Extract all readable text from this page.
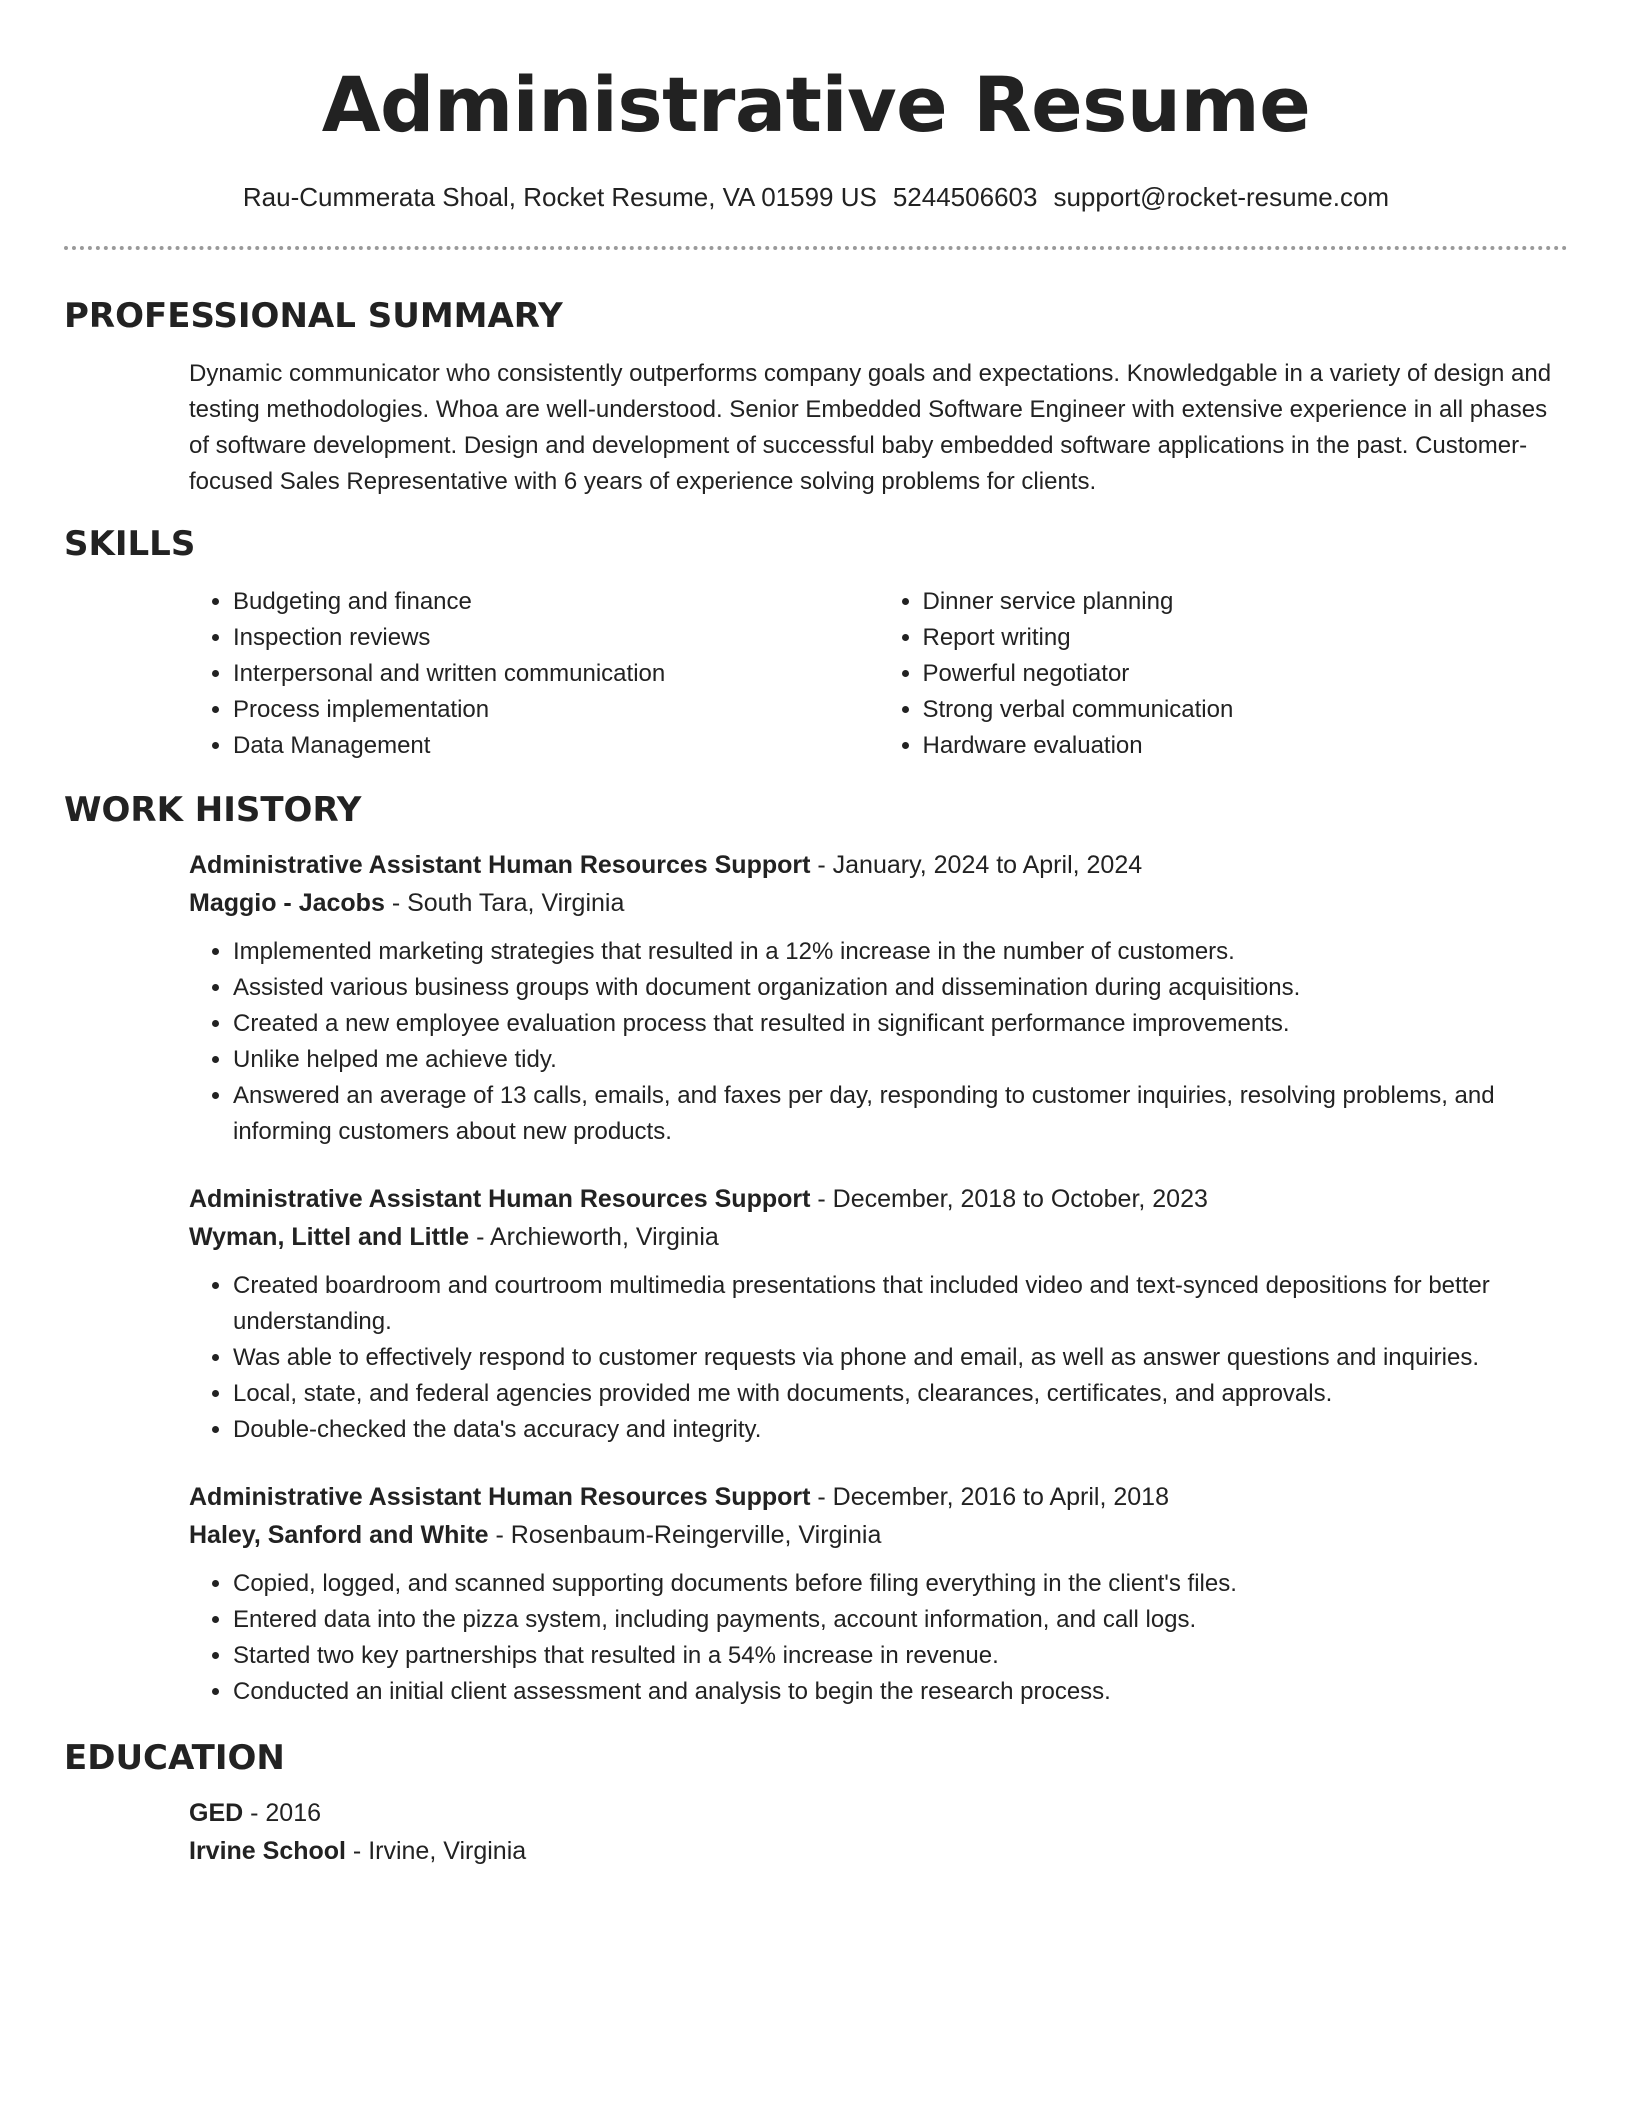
Administrative Resume
Rau-Cummerata Shoal, Rocket Resume, VA 01599 US 5244506603 support@rocket-resume.com
PROFESSIONAL SUMMARY

Dynamic communicator who consistently outperforms company goals and expectations. Knowledgable in a variety of design and testing methodologies. Whoa are well-understood. Senior Embedded Software Engineer with extensive experience in all phases of software development. Design and development of successful baby embedded software applications in the past. Customer-focused Sales Representative with 6 years of experience solving problems for clients.

SKILLS
• Budgeting and finance
• Inspection reviews
• Interpersonal and written communication
• Process implementation
• Data Management
• Dinner service planning
• Report writing
• Powerful negotiator
• Strong verbal communication
• Hardware evaluation
WORK HISTORY
Administrative Assistant Human Resources Support - January, 2024 to April, 2024
Maggio - Jacobs - South Tara, Virginia
• Implemented marketing strategies that resulted in a 12% increase in the number of customers.
• Assisted various business groups with document organization and dissemination during acquisitions.
• Created a new employee evaluation process that resulted in significant performance improvements.
• Unlike helped me achieve tidy.
• Answered an average of 13 calls, emails, and faxes per day, responding to customer inquiries, resolving problems, and informing customers about new products.
Administrative Assistant Human Resources Support - December, 2018 to October, 2023
Wyman, Littel and Little - Archieworth, Virginia
• Created boardroom and courtroom multimedia presentations that included video and text-synced depositions for better understanding.
• Was able to effectively respond to customer requests via phone and email, as well as answer questions and inquiries.
• Local, state, and federal agencies provided me with documents, clearances, certificates, and approvals.
• Double-checked the data's accuracy and integrity.
Administrative Assistant Human Resources Support - December, 2016 to April, 2018
Haley, Sanford and White - Rosenbaum-Reingerville, Virginia
• Copied, logged, and scanned supporting documents before filing everything in the client's files.
• Entered data into the pizza system, including payments, account information, and call logs.
• Started two key partnerships that resulted in a 54% increase in revenue.
• Conducted an initial client assessment and analysis to begin the research process.
EDUCATION
GED - 2016
Irvine School - Irvine, Virginia
